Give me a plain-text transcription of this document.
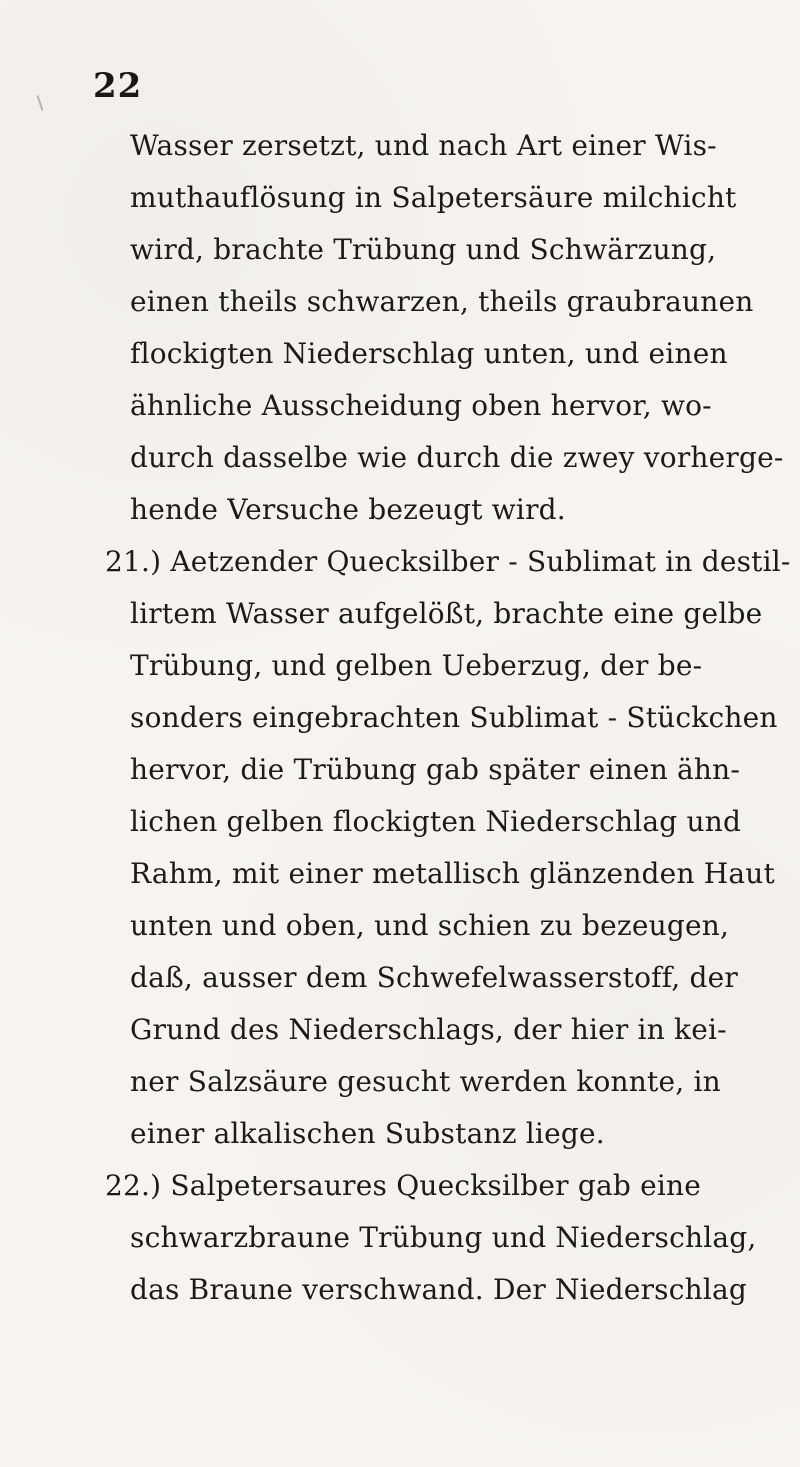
22
Wasser zersetzt, und nach Art einer Wis-
muthauflösung in Salpetersäure milchicht
wird, brachte Trübung und Schwärzung,
einen theils schwarzen, theils graubraunen
flockigten Niederschlag unten, und einen
ähnliche Ausscheidung oben hervor, wo-
durch dasselbe wie durch die zwey vorherge-
hende Versuche bezeugt wird.
21.) Aetzender Quecksilber - Sublimat in destil-
lirtem Wasser aufgelößt, brachte eine gelbe
Trübung, und gelben Ueberzug, der be-
sonders eingebrachten Sublimat - Stückchen
hervor, die Trübung gab später einen ähn-
lichen gelben flockigten Niederschlag und
Rahm, mit einer metallisch glänzenden Haut
unten und oben, und schien zu bezeugen,
daß, ausser dem Schwefelwasserstoff, der
Grund des Niederschlags, der hier in kei-
ner Salzsäure gesucht werden konnte, in
einer alkalischen Substanz liege.
22.) Salpetersaures Quecksilber gab eine
schwarzbraune Trübung und Niederschlag,
das Braune verschwand. Der Niederschlag
